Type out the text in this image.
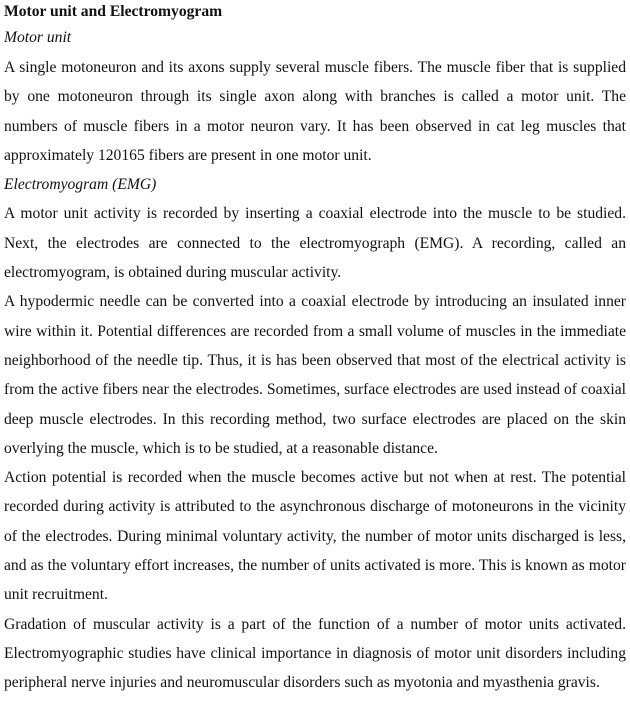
Motor unit and Electromyogram

Motor unit

A single motoneuron and its axons supply several muscle fibers. The muscle fiber that is supplied by one motoneuron through its single axon along with branches is called a motor unit. The numbers of muscle fibers in a motor neuron vary. It has been observed in cat leg muscles that approximately 120165 fibers are present in one motor unit.

Electromyogram (EMG)

A motor unit activity is recorded by inserting a coaxial electrode into the muscle to be studied. Next, the electrodes are connected to the electromyograph (EMG). A recording, called an electromyogram, is obtained during muscular activity.

A hypodermic needle can be converted into a coaxial electrode by introducing an insulated inner wire within it. Potential differences are recorded from a small volume of muscles in the immediate neighborhood of the needle tip. Thus, it is has been observed that most of the electrical activity is from the active fibers near the electrodes. Sometimes, surface electrodes are used instead of coaxial deep muscle electrodes. In this recording method, two surface electrodes are placed on the skin overlying the muscle, which is to be studied, at a reasonable distance.

Action potential is recorded when the muscle becomes active but not when at rest. The potential recorded during activity is attributed to the asynchronous discharge of motoneurons in the vicinity of the electrodes. During minimal voluntary activity, the number of motor units discharged is less, and as the voluntary effort increases, the number of units activated is more. This is known as motor unit recruitment.

Gradation of muscular activity is a part of the function of a number of motor units activated. Electromyographic studies have clinical importance in diagnosis of motor unit disorders including peripheral nerve injuries and neuromuscular disorders such as myotonia and myasthenia gravis.
